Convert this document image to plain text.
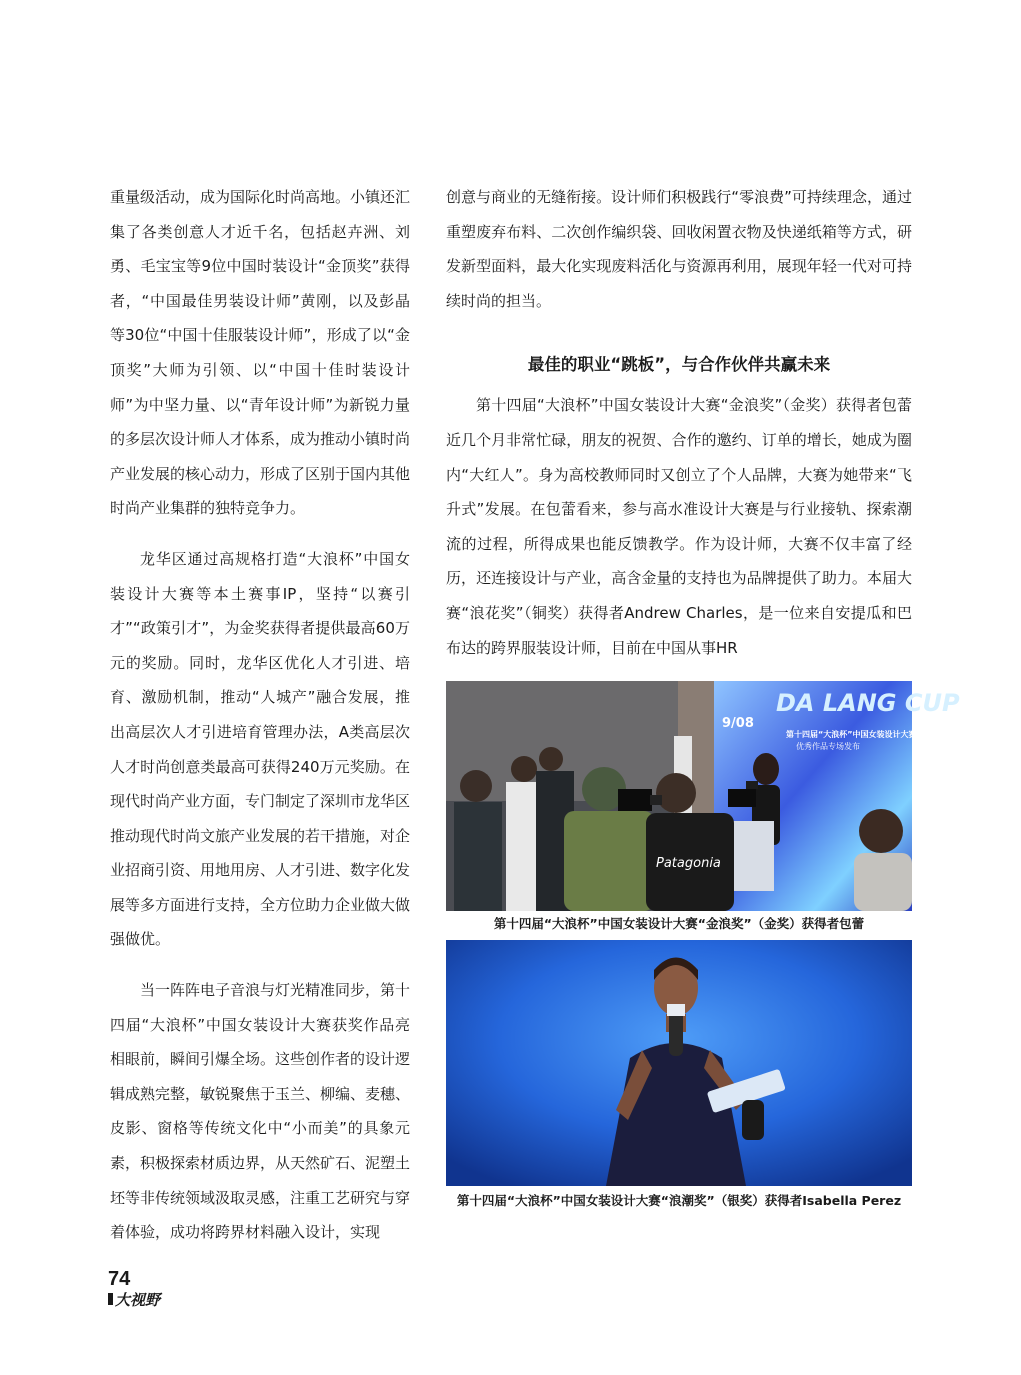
重量级活动，成为国际化时尚高地。小镇还汇集了各类创意人才近千名，包括赵卉洲、刘勇、毛宝宝等9位中国时装设计“金顶奖”获得者，“中国最佳男装设计师”黄刚，以及彭晶等30位“中国十佳服装设计师”，形成了以“金顶奖”大师为引领、以“中国十佳时装设计师”为中坚力量、以“青年设计师”为新锐力量的多层次设计师人才体系，成为推动小镇时尚产业发展的核心动力，形成了区别于国内其他时尚产业集群的独特竞争力。

龙华区通过高规格打造“大浪杯”中国女装设计大赛等本土赛事IP，坚持“以赛引才”“政策引才”，为金奖获得者提供最高60万元的奖励。同时，龙华区优化人才引进、培育、激励机制，推动“人城产”融合发展，推出高层次人才引进培育管理办法，A类高层次人才时尚创意类最高可获得240万元奖励。在现代时尚产业方面，专门制定了深圳市龙华区推动现代时尚文旅产业发展的若干措施，对企业招商引资、用地用房、人才引进、数字化发展等多方面进行支持，全方位助力企业做大做强做优。

当一阵阵电子音浪与灯光精准同步，第十四届“大浪杯”中国女装设计大赛获奖作品亮相眼前，瞬间引爆全场。这些创作者的设计逻辑成熟完整，敏锐聚焦于玉兰、柳编、麦穗、皮影、窗格等传统文化中“小而美”的具象元素，积极探索材质边界，从天然矿石、泥塑土坯等非传统领域汲取灵感，注重工艺研究与穿着体验，成功将跨界材料融入设计，实现

创意与商业的无缝衔接。设计师们积极践行“零浪费”可持续理念，通过重塑废弃布料、二次创作编织袋、回收闲置衣物及快递纸箱等方式，研发新型面料，最大化实现废料活化与资源再利用，展现年轻一代对可持续时尚的担当。

最佳的职业“跳板”，与合作伙伴共赢未来

第十四届“大浪杯”中国女装设计大赛“金浪奖”（金奖）获得者包蕾近几个月非常忙碌，朋友的祝贺、合作的邀约、订单的增长，她成为圈内“大红人”。身为高校教师同时又创立了个人品牌，大赛为她带来“飞升式”发展。在包蕾看来，参与高水准设计大赛是与行业接轨、探索潮流的过程，所得成果也能反馈教学。作为设计师，大赛不仅丰富了经历，还连接设计与产业，高含金量的支持也为品牌提供了助力。本届大赛“浪花奖”（铜奖）获得者Andrew Charles，是一位来自安提瓜和巴布达的跨界服装设计师，目前在中国从事HR

DA LANG CUP
9/08
第十四届“大浪杯”中国女装设计大赛
优秀作品专场发布
Patagonia
第十四届“大浪杯”中国女装设计大赛“金浪奖”（金奖）获得者包蕾
第十四届“大浪杯”中国女装设计大赛“浪潮奖”（银奖）获得者Isabella Perez
74
大视野
